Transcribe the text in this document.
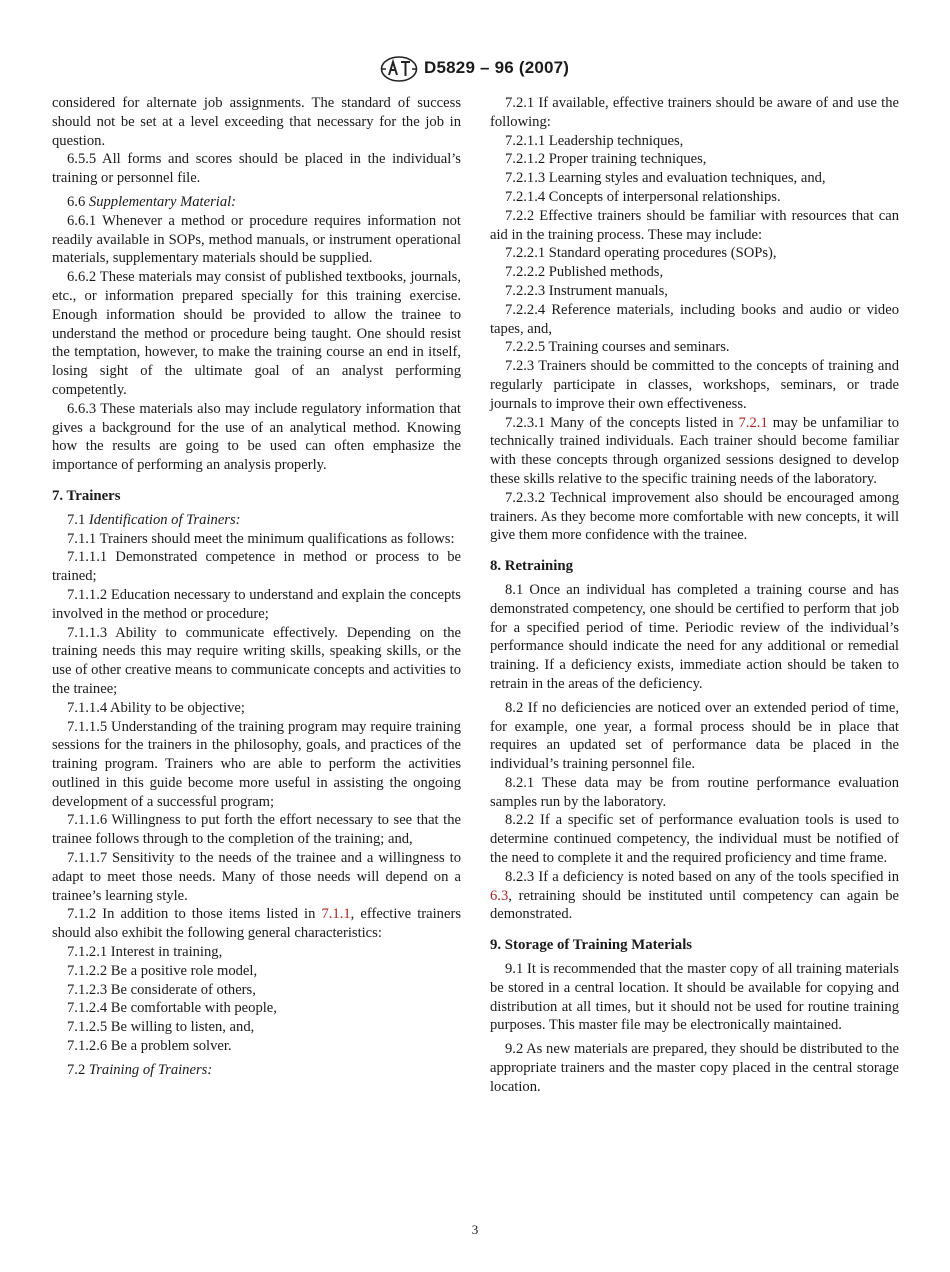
D5829 – 96 (2007)

considered for alternate job assignments. The standard of success should not be set at a level exceeding that necessary for the job in question.

6.5.5 All forms and scores should be placed in the individual’s training or personnel file.

6.6 Supplementary Material:

6.6.1 Whenever a method or procedure requires information not readily available in SOPs, method manuals, or instrument operational materials, supplementary materials should be supplied.

6.6.2 These materials may consist of published textbooks, journals, etc., or information prepared specially for this training exercise. Enough information should be provided to allow the trainee to understand the method or procedure being taught. One should resist the temptation, however, to make the training course an end in itself, losing sight of the ultimate goal of an analyst performing competently.

6.6.3 These materials also may include regulatory information that gives a background for the use of an analytical method. Knowing how the results are going to be used can often emphasize the importance of performing an analysis properly.

7. Trainers

7.1 Identification of Trainers:

7.1.1 Trainers should meet the minimum qualifications as follows:

7.1.1.1 Demonstrated competence in method or process to be trained;

7.1.1.2 Education necessary to understand and explain the concepts involved in the method or procedure;

7.1.1.3 Ability to communicate effectively. Depending on the training needs this may require writing skills, speaking skills, or the use of other creative means to communicate concepts and activities to the trainee;

7.1.1.4 Ability to be objective;

7.1.1.5 Understanding of the training program may require training sessions for the trainers in the philosophy, goals, and practices of the training program. Trainers who are able to perform the activities outlined in this guide become more useful in assisting the ongoing development of a successful program;

7.1.1.6 Willingness to put forth the effort necessary to see that the trainee follows through to the completion of the training; and,

7.1.1.7 Sensitivity to the needs of the trainee and a willingness to adapt to meet those needs. Many of those needs will depend on a trainee’s learning style.

7.1.2 In addition to those items listed in 7.1.1, effective trainers should also exhibit the following general characteristics:

7.1.2.1 Interest in training,

7.1.2.2 Be a positive role model,

7.1.2.3 Be considerate of others,

7.1.2.4 Be comfortable with people,

7.1.2.5 Be willing to listen, and,

7.1.2.6 Be a problem solver.

7.2 Training of Trainers:

7.2.1 If available, effective trainers should be aware of and use the following:

7.2.1.1 Leadership techniques,

7.2.1.2 Proper training techniques,

7.2.1.3 Learning styles and evaluation techniques, and,

7.2.1.4 Concepts of interpersonal relationships.

7.2.2 Effective trainers should be familiar with resources that can aid in the training process. These may include:

7.2.2.1 Standard operating procedures (SOPs),

7.2.2.2 Published methods,

7.2.2.3 Instrument manuals,

7.2.2.4 Reference materials, including books and audio or video tapes, and,

7.2.2.5 Training courses and seminars.

7.2.3 Trainers should be committed to the concepts of training and regularly participate in classes, workshops, seminars, or trade journals to improve their own effectiveness.

7.2.3.1 Many of the concepts listed in 7.2.1 may be unfamiliar to technically trained individuals. Each trainer should become familiar with these concepts through organized sessions designed to develop these skills relative to the specific training needs of the laboratory.

7.2.3.2 Technical improvement also should be encouraged among trainers. As they become more comfortable with new concepts, it will give them more confidence with the trainee.

8. Retraining

8.1 Once an individual has completed a training course and has demonstrated competency, one should be certified to perform that job for a specified period of time. Periodic review of the individual’s performance should indicate the need for any additional or remedial training. If a deficiency exists, immediate action should be taken to retrain in the areas of the deficiency.

8.2 If no deficiencies are noticed over an extended period of time, for example, one year, a formal process should be in place that requires an updated set of performance data be placed in the individual’s training personnel file.

8.2.1 These data may be from routine performance evaluation samples run by the laboratory.

8.2.2 If a specific set of performance evaluation tools is used to determine continued competency, the individual must be notified of the need to complete it and the required proficiency and time frame.

8.2.3 If a deficiency is noted based on any of the tools specified in 6.3, retraining should be instituted until competency can again be demonstrated.

9. Storage of Training Materials

9.1 It is recommended that the master copy of all training materials be stored in a central location. It should be available for copying and distribution at all times, but it should not be used for routine training purposes. This master file may be electronically maintained.

9.2 As new materials are prepared, they should be distributed to the appropriate trainers and the master copy placed in the central storage location.

3
